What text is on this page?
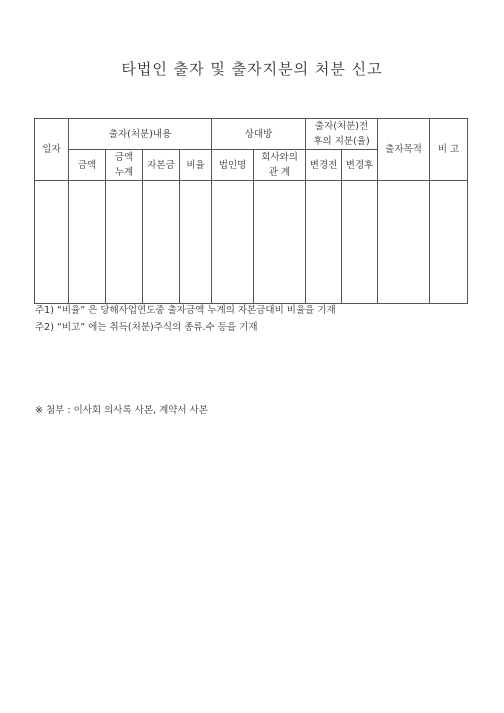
타법인 출자 및 출자지분의 처분 신고
일자	출자(처분)내용				상대방		출자(처분)전후의 지분(율)		출자목적	비 고
	금액	금액누계	자본금	비율	법인명	회사와의관 계	변경전	변경후		

주1) “비율” 은 당해사업연도중 출자금액 누계의 자본금대비 비율을 기재
주2) “비고” 에는 취득(처분)주식의 종류.수 등을 기재
※ 첨부 : 이사회 의사록 사본, 계약서 사본
